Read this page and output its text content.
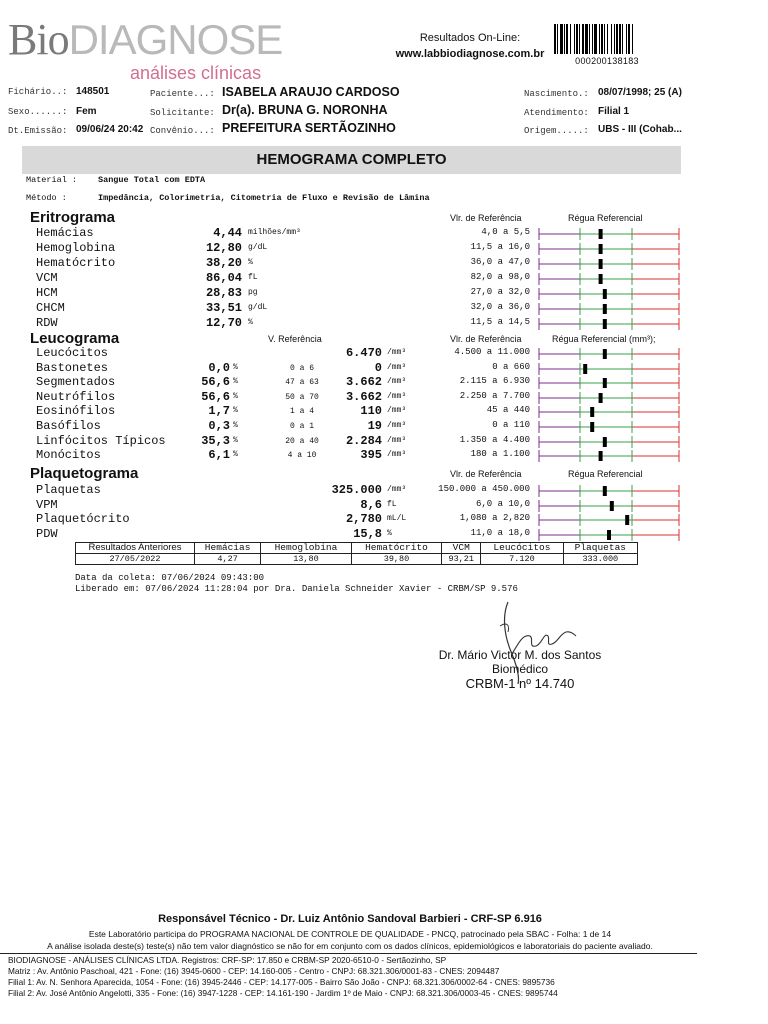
BioDIAGNOSE
análises clínicas
Resultados On-Line:
www.labbiodiagnose.com.br
000200138183
Fichário..: 148501
Sexo......: Fem
Dt.Emissão: 09/06/24 20:42
Paciente...: ISABELA ARAUJO CARDOSO
Solicitante: Dr(a). BRUNA G. NORONHA
Convênio...: PREFEITURA SERTÃOZINHO
Nascimento.: 08/07/1998; 25 (A)
Atendimento: Filial 1
Origem.....: UBS - III (Cohab...
HEMOGRAMA COMPLETO
Material : Sangue Total com EDTA
Método :	Impedância, Colorimetria, Citometria de Fluxo e Revisão de Lâmina
Eritrograma	Vlr. de Referência	Régua Referencial
Hemácias	4,44 milhões/mm³	4,0 a 5,5
Hemoglobina	12,80 g/dL	11,5 a 16,0
Hematócrito	38,20 %	36,0 a 47,0
VCM	86,04 fL	82,0 a 98,0
HCM	28,83 pg	27,0 a 32,0
CHCM	33,51 g/dL	32,0 a 36,0
RDW	12,70 %	11,5 a 14,5
Leucograma	V. Referência	Vlr. de Referência	Régua Referencial (mm³);
Leucócitos	6.470 /mm³	4.500 a 11.000
Bastonetes	0,0 %	0 a 6	0 /mm³	0 a 660
Segmentados	56,6 %	47 a 63	3.662 /mm³	2.115 a 6.930
Neutrófilos	56,6 %	50 a 70	3.662 /mm³	2.250 a 7.700
Eosinófilos	1,7 %	1 a 4	110 /mm³	45 a 440
Basófilos	0,3 %	0 a 1	19 /mm³	0 a 110
Linfócitos Típicos	35,3 %	20 a 40	2.284 /mm³	1.350 a 4.400
Monócitos	6,1 %	4 a 10	395 /mm³	180 a 1.100
Plaquetograma	Vlr. de Referência	Régua Referencial
Plaquetas	325.000 /mm³	150.000 a 450.000
VPM	8,6 fL	6,0 a 10,0
Plaquetócrito	2,780 mL/L	1,080 a 2,820
PDW	15,8 %	11,0 a 18,0
Resultados Anteriores	Hemácias	Hemoglobina	Hematócrito	VCM	Leucócitos	Plaquetas
27/05/2022	4,27	13,80	39,80	93,21	7.120	333.000
Data da coleta: 07/06/2024 09:43:00
Liberado em: 07/06/2024 11:28:04 por Dra. Daniela Schneider Xavier - CRBM/SP 9.576
Dr. Mário Victor M. dos Santos
Biomédico
CRBM-1 nº 14.740
Responsável Técnico - Dr. Luiz Antônio Sandoval Barbieri - CRF-SP 6.916
Este Laboratório participa do PROGRAMA NACIONAL DE CONTROLE DE QUALIDADE - PNCQ, patrocinado pela SBAC - Folha: 1 de 14
A análise isolada deste(s) teste(s) não tem valor diagnóstico se não for em conjunto com os dados clínicos, epidemiológicos e laboratoriais do paciente avaliado.
BIODIAGNOSE - ANÁLISES CLÍNICAS LTDA. Registros: CRF-SP: 17.850 e CRBM-SP 2020-6510-0 - Sertãozinho, SP
Matriz : Av. Antônio Paschoal, 421 - Fone: (16) 3945-0600 - CEP: 14.160-005 - Centro - CNPJ: 68.321.306/0001-83 - CNES: 2094487
Filial 1: Av. N. Senhora Aparecida, 1054 - Fone: (16) 3945-2446 - CEP: 14.177-005 - Bairro São João - CNPJ: 68.321.306/0002-64 - CNES: 9895736
Filial 2: Av. José Antônio Angelotti, 335 - Fone: (16) 3947-1228 - CEP: 14.161-190 - Jardim 1º de Maio - CNPJ: 68.321.306/0003-45 - CNES: 9895744
